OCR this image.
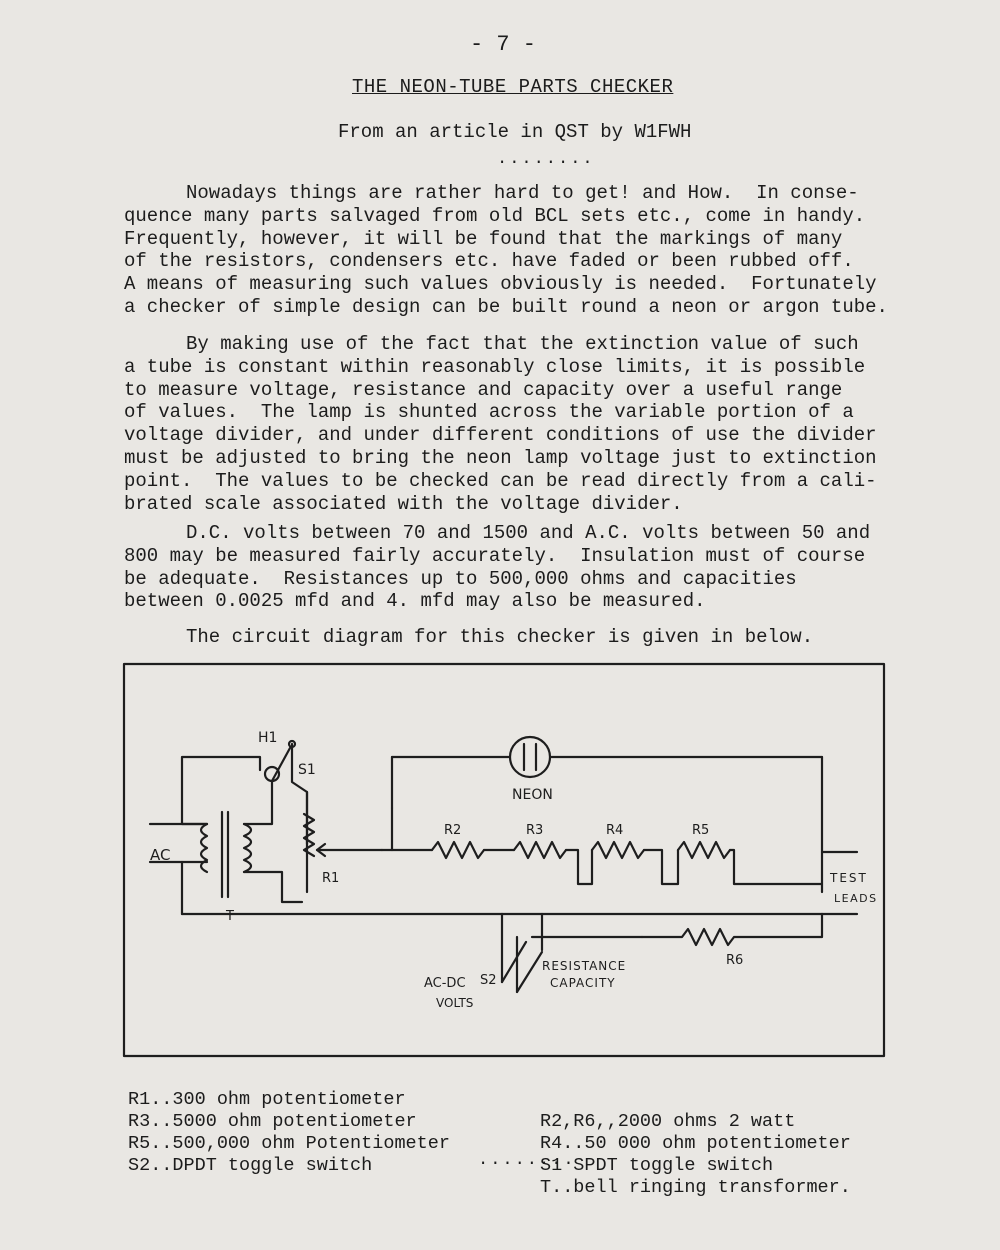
- 7 -
THE NEON-TUBE PARTS CHECKER
From an article in QST by W1FWH
........
Nowadays things are rather hard to get! and How.  In conse-
quence many parts salvaged from old BCL sets etc., come in handy.
Frequently, however, it will be found that the markings of many
of the resistors, condensers etc. have faded or been rubbed off.
A means of measuring such values obviously is needed.  Fortunately
a checker of simple design can be built round a neon or argon tube.
By making use of the fact that the extinction value of such
a tube is constant within reasonably close limits, it is possible
to measure voltage, resistance and capacity over a useful range
of values.  The lamp is shunted across the variable portion of a
voltage divider, and under different conditions of use the divider
must be adjusted to bring the neon lamp voltage just to extinction
point.  The values to be checked can be read directly from a cali-
brated scale associated with the voltage divider.
D.C. volts between 70 and 1500 and A.C. volts between 50 and
800 may be measured fairly accurately.  Insulation must of course
be adequate.  Resistances up to 500,000 ohms and capacities
between 0.0025 mfd and 4. mfd may also be measured.
The circuit diagram for this checker is given in below.
AC
H1
S1
R1
T
NEON
R2	R3	R4	R5
R6
TEST
LEADS
AC-DC
VOLTS
S2
RESISTANCE
CAPACITY

R1..300 ohm potentiometer

R2,R6,,2000 ohms 2 watt

R3..5000 ohm potentiometer

R4..50 000 ohm potentiometer

R5..500,000 ohm Potentiometer

S1 SPDT toggle switch

S2..DPDT toggle switch

T..bell ringing transformer.

........
